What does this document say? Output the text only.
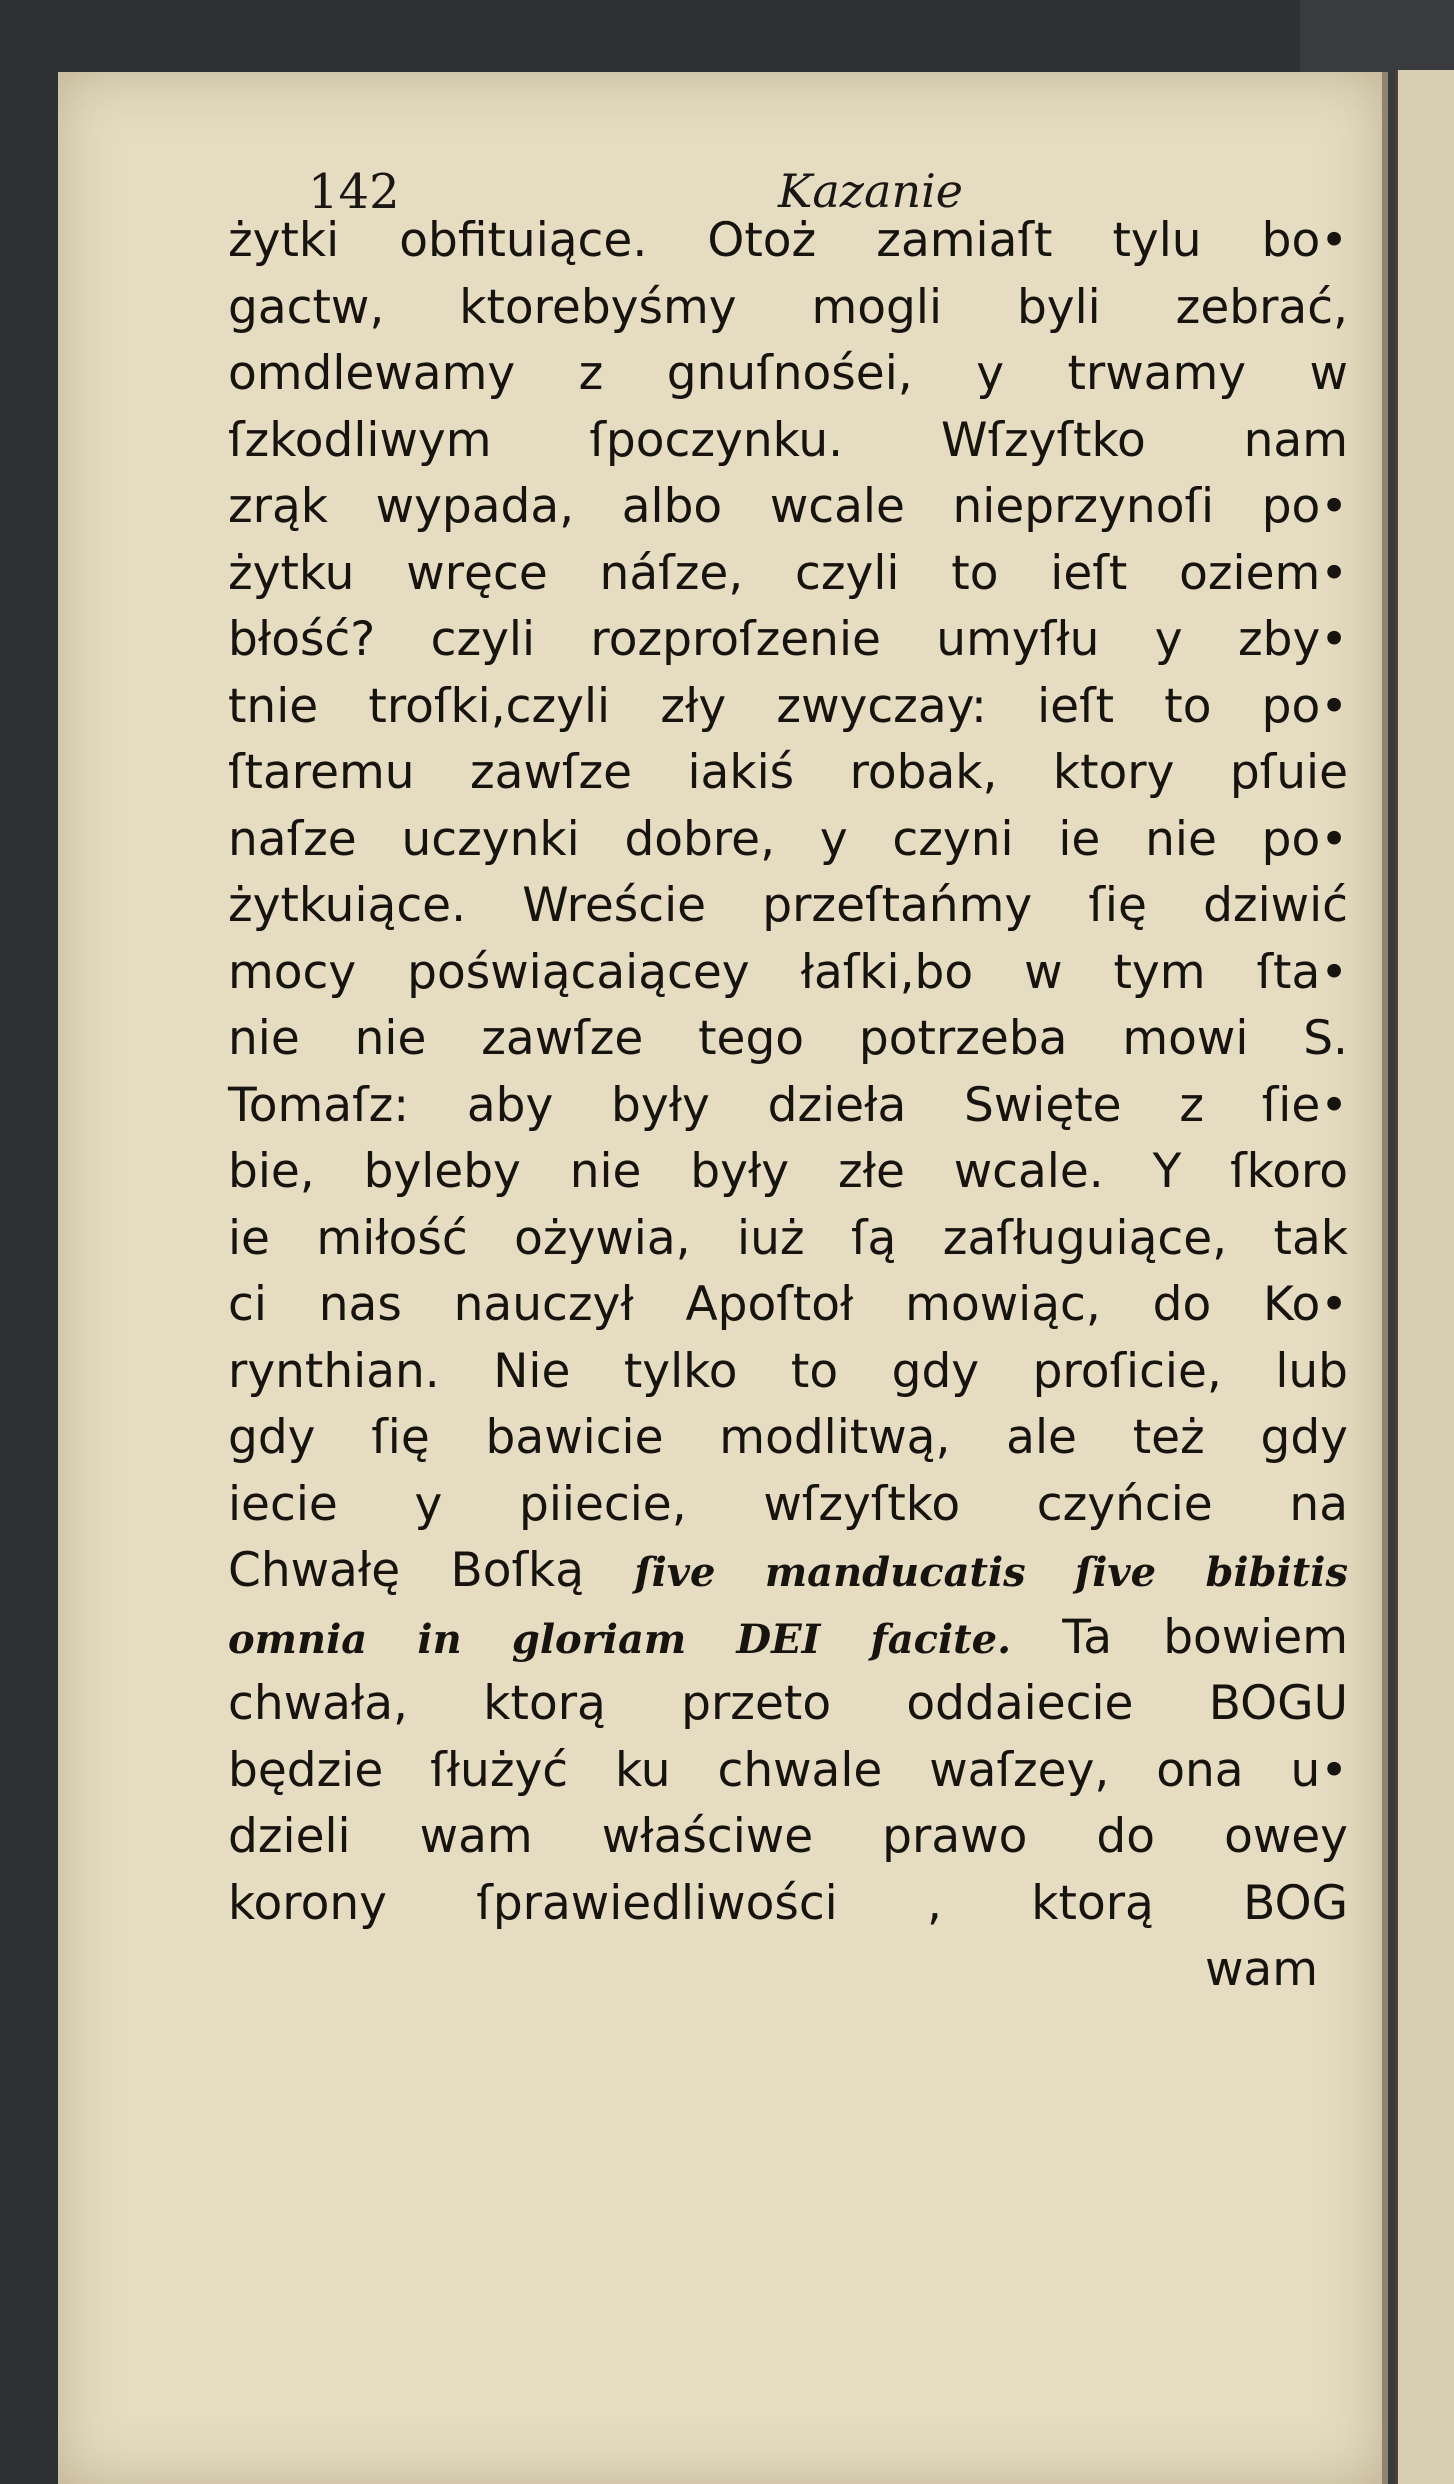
142	Kazanie
żytki obfituiące. Otoż zamiaſt tylu bo•
gactw, ktorebyśmy mogli byli zebrać,
omdlewamy z gnuſnośei, y trwamy w
ſzkodliwym ſpoczynku. Wſzyſtko nam
zrąk wypada, albo wcale nieprzynoſi po•
żytku wręce náſze, czyli to ieſt oziem•
błość? czyli rozproſzenie umyſłu y zby•
tnie troſki,czyli zły zwyczay: ieſt to po•
ſtaremu zawſze iakiś robak, ktory pſuie
naſze uczynki dobre, y czyni ie nie po•
żytkuiące. Wreście przeſtańmy ſię dziwić
mocy poświącaiącey łaſki,bo w tym ſta•
nie nie zawſze tego potrzeba mowi S.
Tomaſz: aby były dzieła Swięte z ſie•
bie, byleby nie były złe wcale. Y ſkoro
ie miłość ożywia, iuż ſą zaſługuiące, tak
ci nas nauczył Apoſtoł mowiąc, do Ko•
rynthian. Nie tylko to gdy proſicie, lub
gdy ſię bawicie modlitwą, ale też gdy
iecie y piiecie, wſzyſtko czyńcie na
Chwałę Boſką ſive manducatis ſive bibitis
omnia in gloriam DEI facite. Ta bowiem
chwała, ktorą przeto oddaiecie BOGU
będzie ſłużyć ku chwale waſzey, ona u•
dzieli wam właściwe prawo do owey
korony ſprawiedliwości , ktorą BOG
wam
